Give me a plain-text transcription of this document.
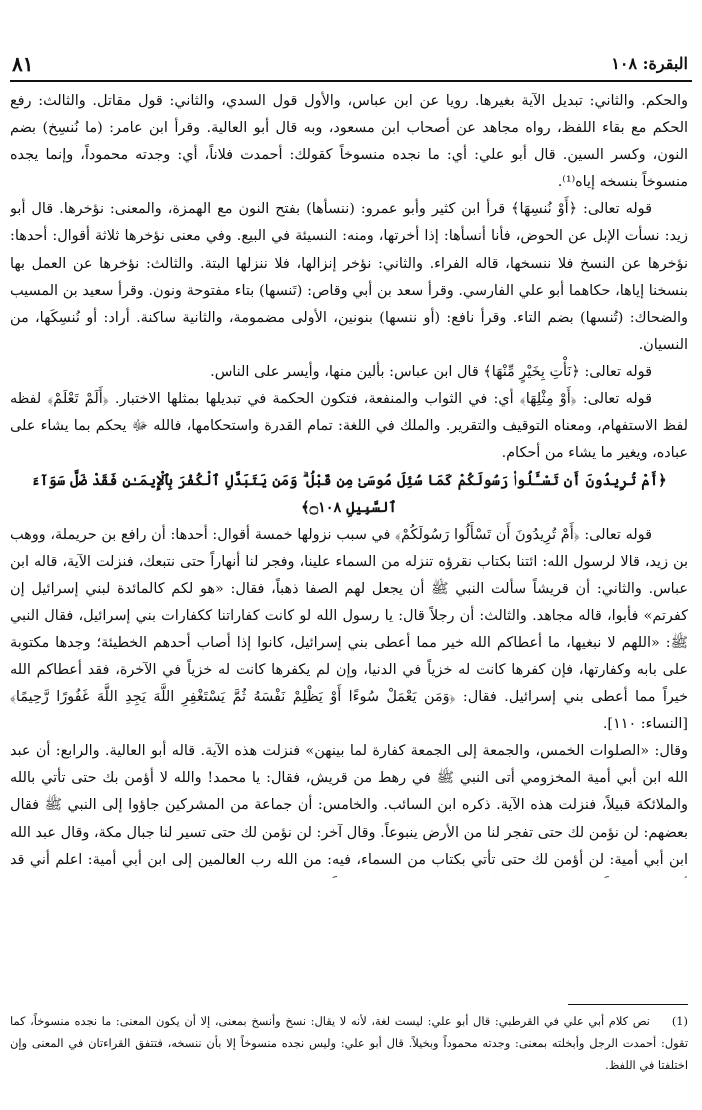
٨١	البقرة: ١٠٨

والحكم. والثاني: تبديل الآية بغيرها. رويا عن ابن عباس، والأول قول السدي، والثاني: قول مقاتل. والثالث: رفع الحكم مع بقاء اللفظ، رواه مجاهد عن أصحاب ابن مسعود، وبه قال أبو العالية. وقرأ ابن عامر: (ما نُنسِخ) بضم النون، وكسر السين. قال أبو علي: أي: ما نجده منسوخاً كقولك: أحمدت فلاناً، أي: وجدته محموداً، وإنما يجده منسوخاً بنسخه إياه⁽¹⁾.

قوله تعالى: ﴿أَوْ نُنسِهَا﴾ قرأ ابن كثير وأبو عمرو: (ننسأها) بفتح النون مع الهمزة، والمعنى: نؤخرها. قال أبو زيد: نسأت الإبل عن الحوض، فأنا أنسأها: إذا أخرتها، ومنه: النسيئة في البيع. وفي معنى نؤخرها ثلاثة أقوال: أحدها: نؤخرها عن النسخ فلا ننسخها، قاله الفراء. والثاني: نؤخر إنزالها، فلا ننزلها البتة. والثالث: نؤخرها عن العمل بها بنسخنا إياها، حكاهما أبو علي الفارسي. وقرأ سعد بن أبي وقاص: (تَنسها) بتاء مفتوحة ونون. وقرأ سعيد بن المسيب والضحاك: (تُنسها) بضم التاء. وقرأ نافع: (أو ننسها) بنونين، الأولى مضمومة، والثانية ساكنة. أراد: أو نُنسِكَها، من النسيان.

قوله تعالى: ﴿نَأْتِ بِخَيْرٍ مِّنْهَا﴾ قال ابن عباس: بألين منها، وأيسر على الناس.

قوله تعالى: ﴿أَوْ مِثْلِهَا﴾ أي: في الثواب والمنفعة، فتكون الحكمة في تبديلها بمثلها الاختبار. ﴿أَلَمْ تَعْلَمْ﴾ لفظه لفظ الاستفهام، ومعناه التوقيف والتقرير. والملك في اللغة: تمام القدرة واستحكامها، فالله ﷻ يحكم بما يشاء على عباده، ويغير ما يشاء من أحكام.

﴿أَمْ تُرِيدُونَ أَن تَسْـَٔلُوا۟ رَسُولَكُمْ كَمَا سُئِلَ مُوسَىٰ مِن قَبْلُ ۗ وَمَن يَتَبَدَّلِ ٱلْكُفْرَ بِٱلْإِيمَـٰنِ فَقَدْ ضَلَّ سَوَآءَ ٱلسَّبِيلِ ۝١٠٨﴾

قوله تعالى: ﴿أَمْ تُرِيدُونَ أَن تَسْأَلُوا رَسُولَكُمْ﴾ في سبب نزولها خمسة أقوال: أحدها: أن رافع بن حريملة، ووهب بن زيد، قالا لرسول الله: ائتنا بكتاب نقرؤه تنزله من السماء علينا، وفجر لنا أنهاراً حتى نتبعك، فنزلت الآية، قاله ابن عباس. والثاني: أن قريشاً سألت النبي ﷺ أن يجعل لهم الصفا ذهباً، فقال: «هو لكم كالمائدة لبني إسرائيل إن كفرتم» فأبوا، قاله مجاهد. والثالث: أن رجلاً قال: يا رسول الله لو كانت كفاراتنا ككفارات بني إسرائيل، فقال النبي ﷺ: «اللهم لا نبغيها، ما أعطاكم الله خير مما أعطى بني إسرائيل، كانوا إذا أصاب أحدهم الخطيئة؛ وجدها مكتوبة على بابه وكفارتها، فإن كفرها كانت له خزياً في الدنيا، وإن لم يكفرها كانت له خزياً في الآخرة، فقد أعطاكم الله خيراً مما أعطى بني إسرائيل. فقال: ﴿وَمَن يَعْمَلْ سُوءًا أَوْ يَظْلِمْ نَفْسَهُ ثُمَّ يَسْتَغْفِرِ اللَّهَ يَجِدِ اللَّهَ غَفُورًا رَّحِيمًا﴾ [النساء: ١١٠].

وقال: «الصلوات الخمس، والجمعة إلى الجمعة كفارة لما بينهن» فنزلت هذه الآية. قاله أبو العالية. والرابع: أن عبد الله ابن أبي أمية المخزومي أتى النبي ﷺ في رهط من قريش، فقال: يا محمد! والله لا أؤمن بك حتى تأتي بالله والملائكة قبيلاً، فنزلت هذه الآية. ذكره ابن السائب. والخامس: أن جماعة من المشركين جاؤوا إلى النبي ﷺ فقال بعضهم: لن نؤمن لك حتى تفجر لنا من الأرض ينبوعاً. وقال آخر: لن نؤمن لك حتى تسير لنا جبال مكة، وقال عبد الله ابن أبي أمية: لن أؤمن لك حتى تأتي بكتاب من السماء، فيه: من الله رب العالمين إلى ابن أبي أمية: اعلم أني قد

(1)نص كلام أبي علي في القرطبي: قال أبو علي: ليست لغة، لأنه لا يقال: نسخ وأنسخ بمعنى، إلا أن يكون المعنى: ما نجده منسوخاً، كما تقول: أحمدت الرجل وأبخلته بمعنى: وجدته محموداً وبخيلاً. قال أبو علي: وليس نجده منسوخاً إلا بأن ننسخه، فتتفق القراءتان في المعنى وإن اختلفتا في اللفظ.
